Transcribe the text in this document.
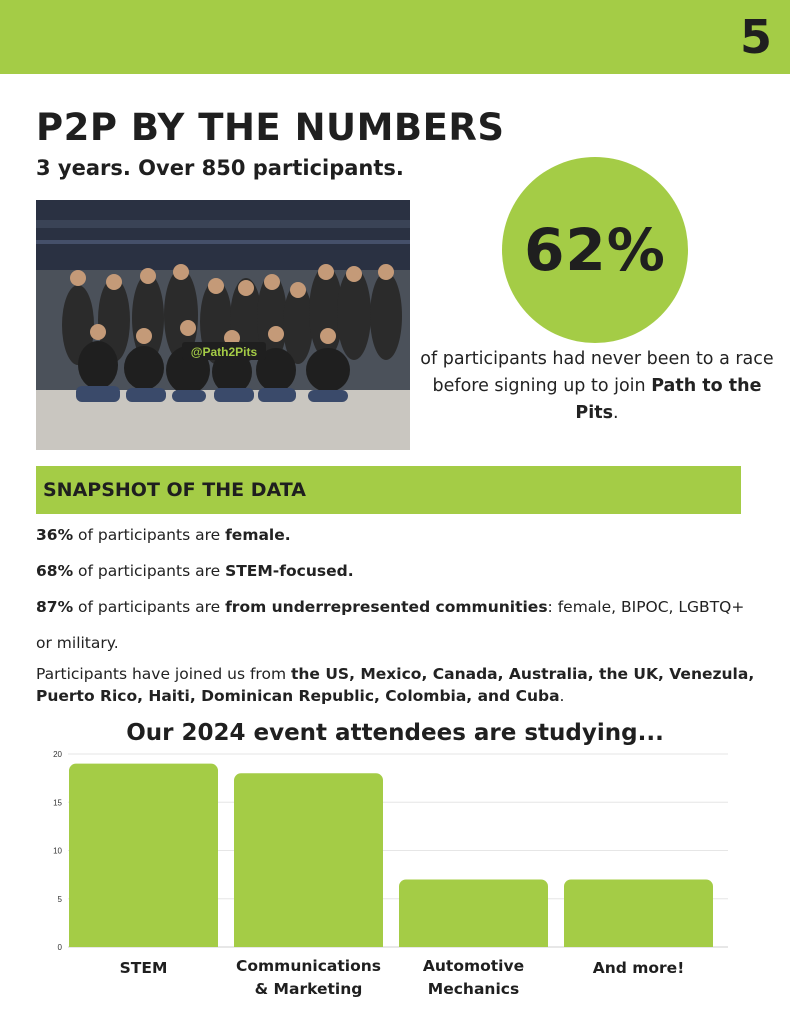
5
P2P BY THE NUMBERS
3 years. Over 850 participants.
@Path2Pits
62%

of participants had never been to a race before signing up to join Path to the Pits.

SNAPSHOT OF THE DATA

36% of participants are female.

68% of participants are STEM-focused.

87% of participants are from underrepresented communities: female, BIPOC, LGBTQ+ or military.

Participants have joined us from the US, Mexico, Canada, Australia, the UK, Venezula, Puerto Rico, Haiti, Dominican Republic, Colombia, and Cuba.

Our 2024 event attendees are studying...
0
5
10
15
20
STEM	Communications
& Marketing
Automotive
Mechanics
And more!
